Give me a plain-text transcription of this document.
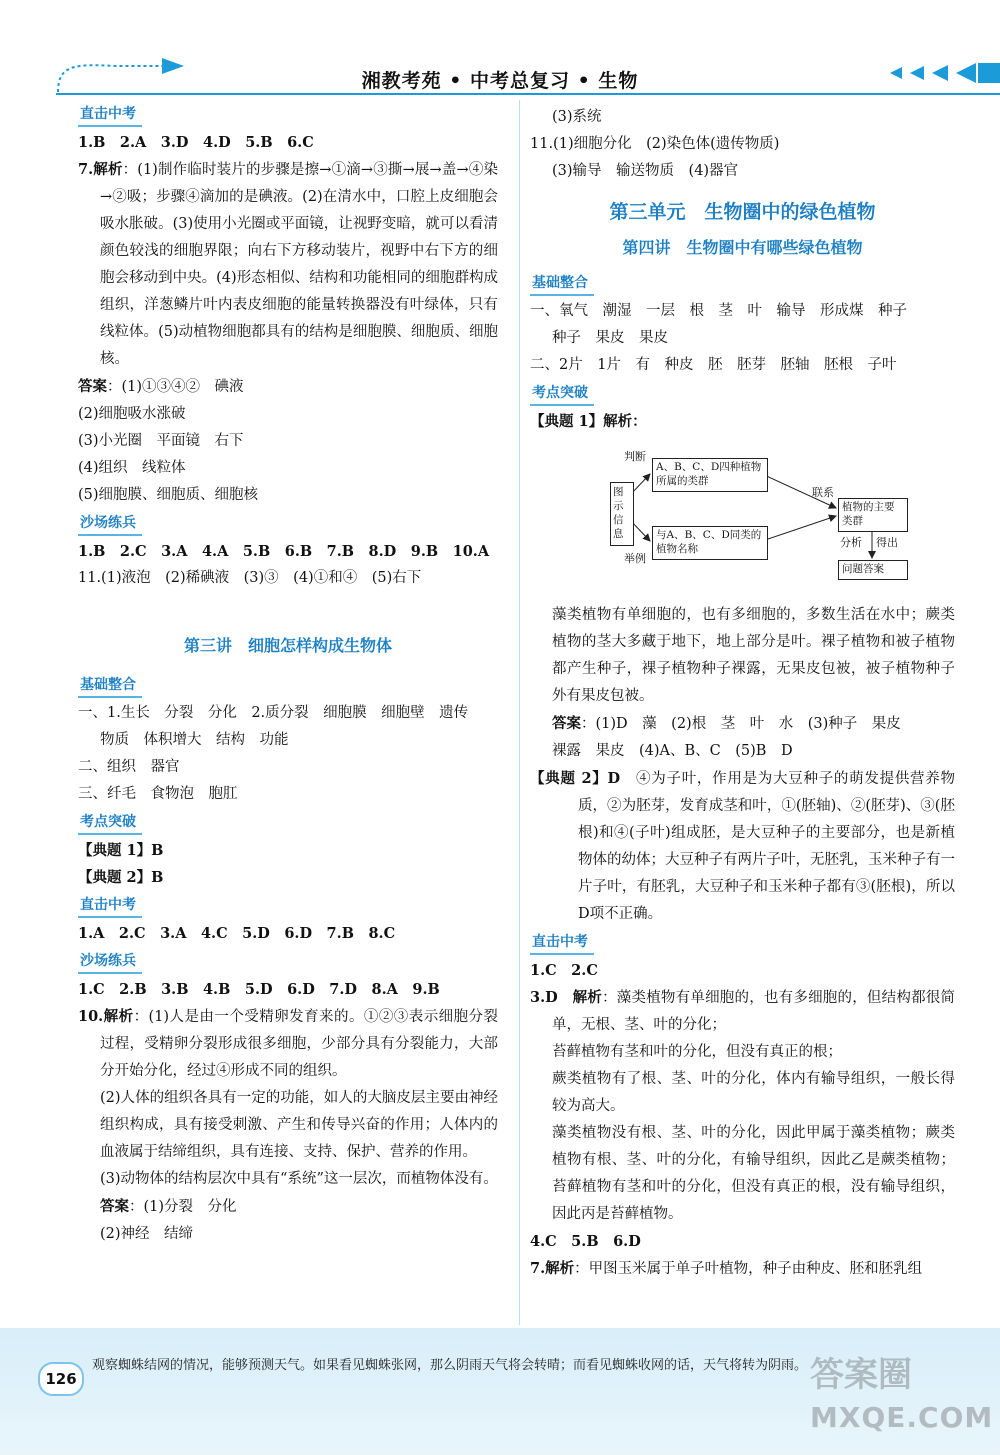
湘教考苑 • 中考总复习 • 生物
直击中考
1.B　2.A　3.D　4.D　5.B　6.C
7.解析：(1)制作临时装片的步骤是擦→①滴→③撕→展→盖→④染→②吸；步骤④滴加的是碘液。(2)在清水中，口腔上皮细胞会吸水胀破。(3)使用小光圈或平面镜，让视野变暗，就可以看清颜色较浅的细胞界限；向右下方移动装片，视野中右下方的细胞会移动到中央。(4)形态相似、结构和功能相同的细胞群构成组织，洋葱鳞片叶内表皮细胞的能量转换器没有叶绿体，只有线粒体。(5)动植物细胞都具有的结构是细胞膜、细胞质、细胞核。
答案：(1)①③④②　碘液
(2)细胞吸水涨破
(3)小光圈　平面镜　右下
(4)组织　线粒体
(5)细胞膜、细胞质、细胞核
沙场练兵
1.B　2.C　3.A　4.A　5.B　6.B　7.B　8.D　9.B　10.A
11.(1)液泡　(2)稀碘液　(3)③　(4)①和④　(5)右下
第三讲　细胞怎样构成生物体
基础整合
一、1.生长　分裂　分化　2.质分裂　细胞膜　细胞壁　遗传
物质　体积增大　结构　功能
二、组织　器官
三、纤毛　食物泡　胞肛
考点突破
【典题 1】B
【典题 2】B
直击中考
1.A　2.C　3.A　4.C　5.D　6.D　7.B　8.C
沙场练兵
1.C　2.B　3.B　4.B　5.D　6.D　7.D　8.A　9.B
10.解析：(1)人是由一个受精卵发育来的。①②③表示细胞分裂过程，受精卵分裂形成很多细胞，少部分具有分裂能力，大部分开始分化，经过④形成不同的组织。
(2)人体的组织各具有一定的功能，如人的大脑皮层主要由神经组织构成，具有接受刺激、产生和传导兴奋的作用；人体内的血液属于结缔组织，具有连接、支持、保护、营养的作用。
(3)动物体的结构层次中具有“系统”这一层次，而植物体没有。
答案：(1)分裂　分化
(2)神经　结缔
(3)系统
11.(1)细胞分化　(2)染色体(遗传物质)
(3)输导　输送物质　(4)器官
第三单元　生物圈中的绿色植物
第四讲　生物圈中有哪些绿色植物
基础整合
一、氧气　潮湿　一层　根　茎　叶　输导　形成煤　种子
种子　果皮　果皮
二、2片　1片　有　种皮　胚　胚芽　胚轴　胚根　子叶
考点突破
【典题 1】解析：
图示信息
A、B、C、D四种植物所属的类群
与A、B、C、D同类的植物名称
植物的主要类群
问题答案
判断
举例
联系
分析 得出
藻类植物有单细胞的，也有多细胞的，多数生活在水中；蕨类植物的茎大多藏于地下，地上部分是叶。裸子植物和被子植物都产生种子，裸子植物种子裸露，无果皮包被，被子植物种子外有果皮包被。
答案：(1)D　藻　(2)根　茎　叶　水　(3)种子　果皮
裸露　果皮　(4)A、B、C　(5)B　D
【典题 2】D　 ④为子叶，作用是为大豆种子的萌发提供营养物质，②为胚芽，发育成茎和叶，①(胚轴)、②(胚芽)、③(胚根)和④(子叶)组成胚，是大豆种子的主要部分，也是新植物体的幼体；大豆种子有两片子叶，无胚乳，玉米种子有一片子叶，有胚乳，大豆种子和玉米种子都有③(胚根)，所以D项不正确。
直击中考
1.C　2.C
3.D　解析：藻类植物有单细胞的，也有多细胞的，但结构都很简单，无根、茎、叶的分化；
苔藓植物有茎和叶的分化，但没有真正的根；
蕨类植物有了根、茎、叶的分化，体内有输导组织，一般长得较为高大。
藻类植物没有根、茎、叶的分化，因此甲属于藻类植物；蕨类植物有根、茎、叶的分化，有输导组织，因此乙是蕨类植物；苔藓植物有茎和叶的分化，但没有真正的根，没有输导组织，因此丙是苔藓植物。
4.C　5.B　6.D
7.解析：甲图玉米属于单子叶植物，种子由种皮、胚和胚乳组
126
观察蜘蛛结网的情况，能够预测天气。如果看见蜘蛛张网，那么阴雨天气将会转晴；而看见蜘蛛收网的话，天气将转为阴雨。 答案圈
MXQE.COM
